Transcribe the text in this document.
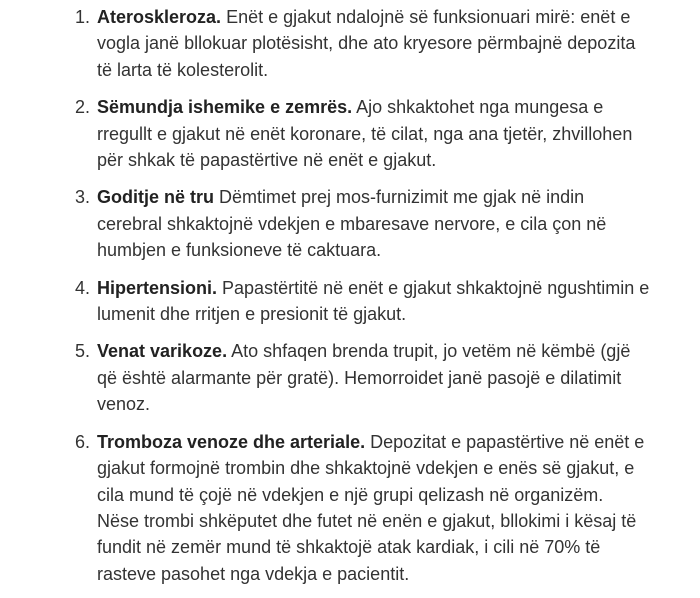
1. Ateroskleroza. Enët e gjakut ndalojnë së funksionuari mirë: enët e vogla janë bllokuar plotësisht, dhe ato kryesore përmbajnë depozita të larta të kolesterolit.
2. Sëmundja ishemike e zemrës. Ajo shkaktohet nga mungesa e rregullt e gjakut në enët koronare, të cilat, nga ana tjetër, zhvillohen për shkak të papastërtive në enët e gjakut.
3. Goditje në tru Dëmtimet prej mos-furnizimit me gjak në indin cerebral shkaktojnë vdekjen e mbaresave nervore, e cila çon në humbjen e funksioneve të caktuara.
4. Hipertensioni. Papastërtitë në enët e gjakut shkaktojnë ngushtimin e lumenit dhe rritjen e presionit të gjakut.
5. Venat varikoze. Ato shfaqen brenda trupit, jo vetëm në këmbë (gjë që është alarmante për gratë). Hemorroidet janë pasojë e dilatimit venoz.
6. Tromboza venoze dhe arteriale. Depozitat e papastërtive në enët e gjakut formojnë trombin dhe shkaktojnë vdekjen e enës së gjakut, e cila mund të çojë në vdekjen e një grupi qelizash në organizëm. Nëse trombi shkëputet dhe futet në enën e gjakut, bllokimi i kësaj të fundit në zemër mund të shkaktojë atak kardiak, i cili në 70% të rasteve pasohet nga vdekja e pacientit.
